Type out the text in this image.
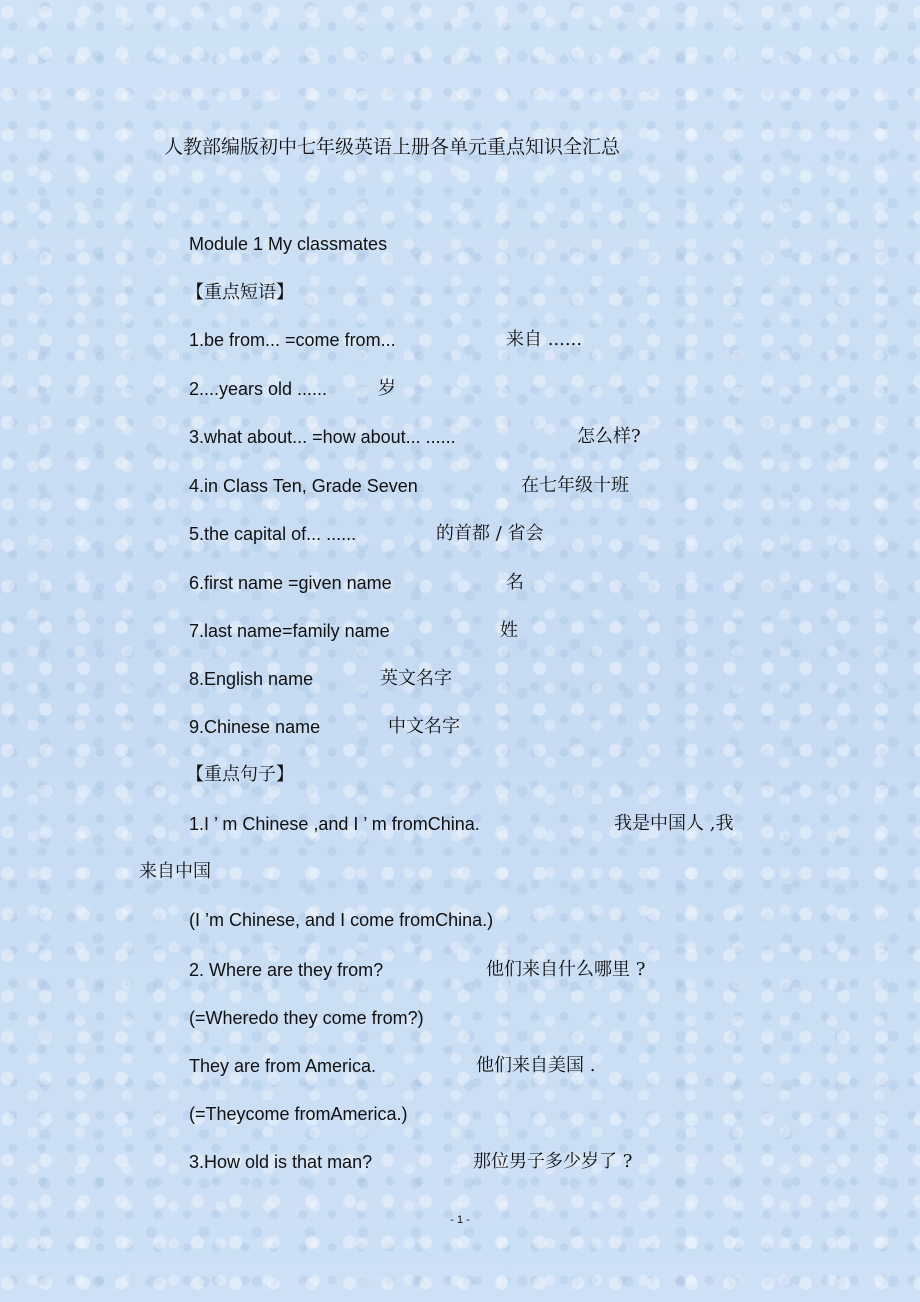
人教部编版初中七年级英语上册各单元重点知识全汇总
Module 1 My classmates
【重点短语】
1.be from... =come from...	来自 ......
2....years old ......	岁
3.what about... =how about... ......	怎么样?
4.in Class Ten, Grade Seven	在七年级十班
5.the capital of... ......	的首都 / 省会
6.first name =given name	名
7.last name=family name	姓
8.English name	英文名字
9.Chinese name	中文名字
【重点句子】
1.I ’ m Chinese ,and I ’ m fromChina.	我是中国人 ,我
来自中国
(I ’m Chinese, and I come fromChina.)
2. Where are they from?	他们来自什么哪里 ?
(=Wheredo they come from?)
They are from America.	他们来自美国 .
(=Theycome fromAmerica.)
3.How old is that man?	那位男子多少岁了 ?
- 1 -
